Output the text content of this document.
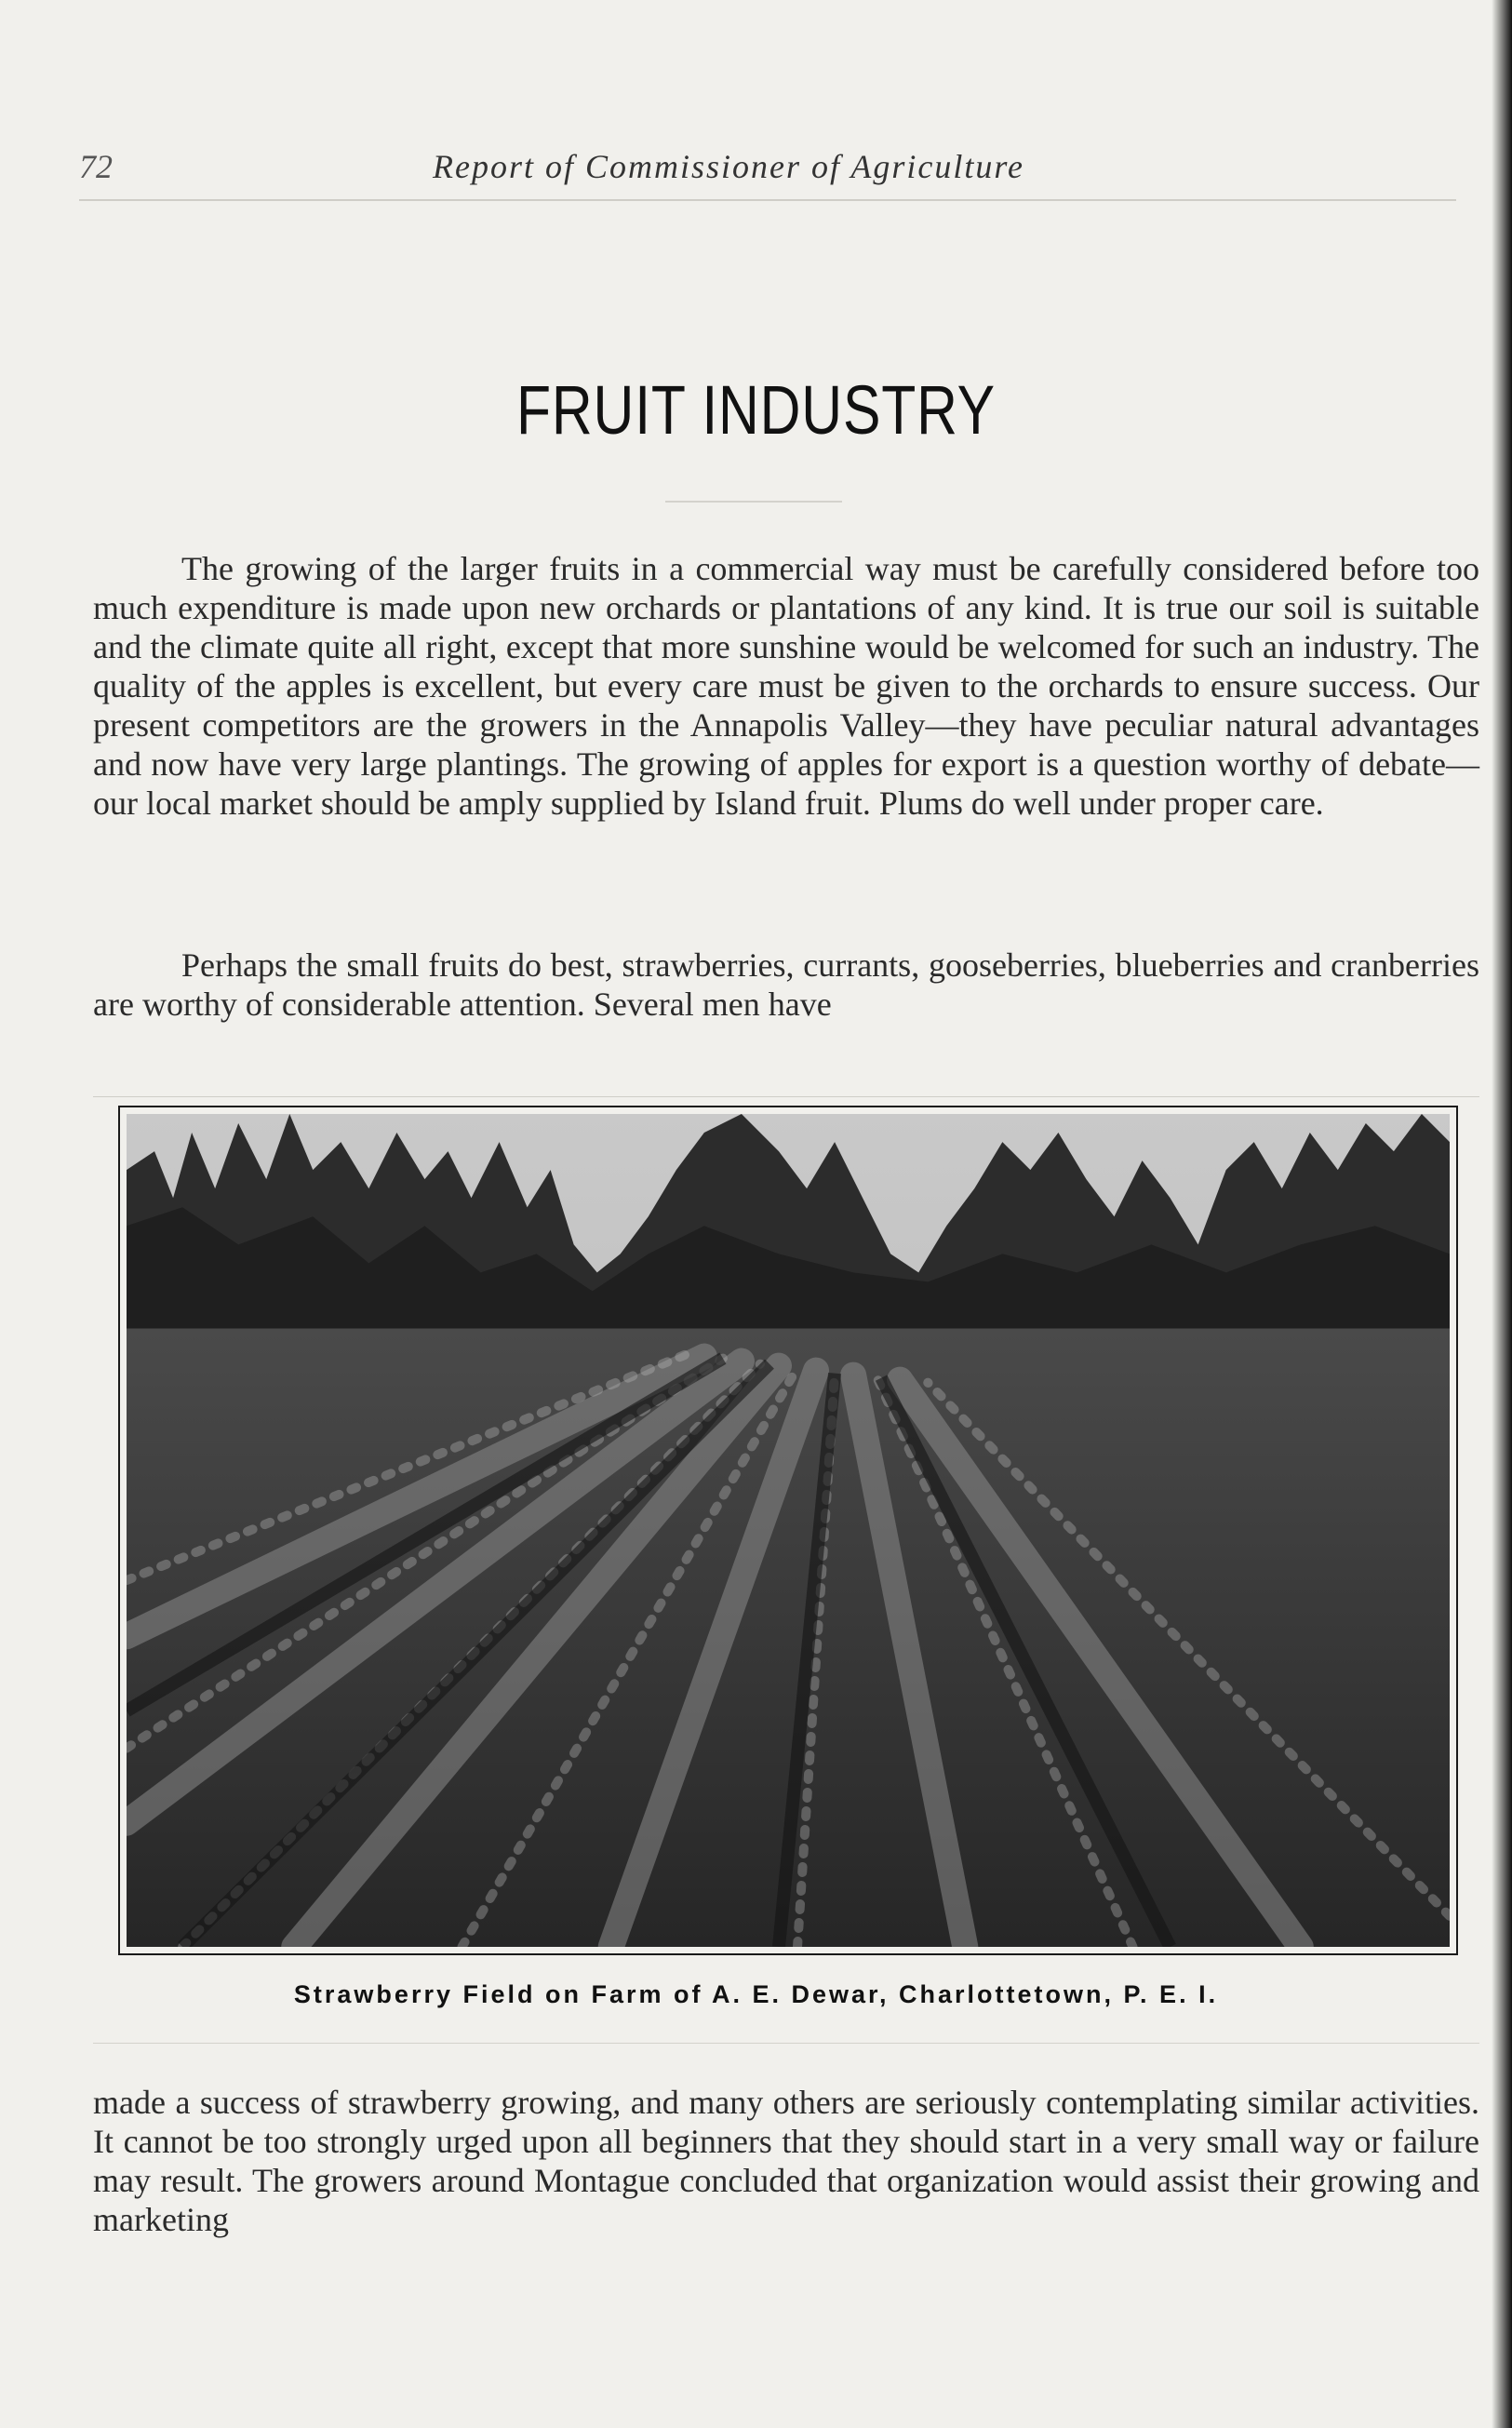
72	Report of Commissioner of Agriculture
FRUIT INDUSTRY

The growing of the larger fruits in a commercial way must be carefully considered before too much expenditure is made upon new orchards or plantations of any kind. It is true our soil is suitable and the climate quite all right, except that more sunshine would be welcomed for such an industry. The quality of the apples is excellent, but every care must be given to the orchards to ensure success. Our present competitors are the growers in the Annapolis Valley—they have peculiar natural advantages and now have very large plantings. The growing of apples for export is a question worthy of debate—our local market should be amply supplied by Island fruit. Plums do well under proper care.

Perhaps the small fruits do best, strawberries, currants, gooseberries, blueberries and cranberries are worthy of considerable attention. Several men have

Strawberry Field on Farm of A. E. Dewar, Charlottetown, P. E. I.

made a success of strawberry growing, and many others are seriously contemplating similar activities. It cannot be too strongly urged upon all beginners that they should start in a very small way or failure may result. The growers around Montague concluded that organization would assist their growing and marketing
